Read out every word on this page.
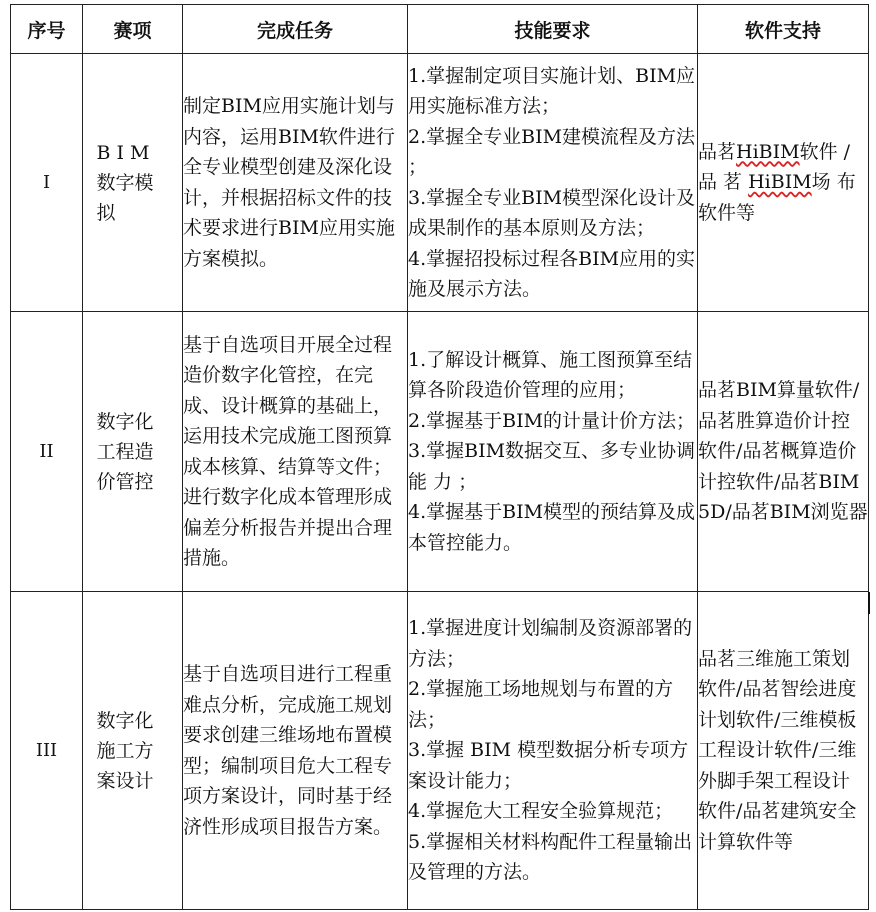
序号	赛项	完成任务	技能要求	软件支持
I	B I M 数字模拟	制定BIM应用实施计划与内容，运用BIM软件进行全专业模型创建及深化设计，并根据招标文件的技术要求进行BIM应用实施方案模拟。	1.掌握制定项目实施计划、BIM应用实施标准方法；
2.掌握全专业BIM建模流程及方法 ；
3.掌握全专业BIM模型深化设计及成果制作的基本原则及方法；
4.掌握招投标过程各BIM应用的实施及展示方法。	品茗HiBIM软件 / 品 茗 HiBIM场 布 软件等
II	数字化工程造价管控	基于自选项目开展全过程造价数字化管控，在完成、设计概算的基础上，运用技术完成施工图预算成本核算、结算等文件；进行数字化成本管理形成偏差分析报告并提出合理措施。	1.了解设计概算、施工图预算至结算各阶段造价管理的应用；
2.掌握基于BIM的计量计价方法；
3.掌握BIM数据交互、多专业协调能 力 ；
4.掌握基于BIM模型的预结算及成本管控能力。	品茗BIM算量软件/品茗胜算造价计控软件/品茗概算造价计控软件/品茗BIM5D/品茗BIM浏览器
III	数字化施工方案设计	基于自选项目进行工程重难点分析，完成施工规划要求创建三维场地布置模型；编制项目危大工程专项方案设计，同时基于经济性形成项目报告方案。	1.掌握进度计划编制及资源部署的方法；
2.掌握施工场地规划与布置的方法；
3.掌握 BIM 模型数据分析专项方案设计能力；
4.掌握危大工程安全验算规范；
5.掌握相关材料构配件工程量输出及管理的方法。	品茗三维施工策划软件/品茗智绘进度计划软件/三维模板工程设计软件/三维外脚手架工程设计软件/品茗建筑安全计算软件等
